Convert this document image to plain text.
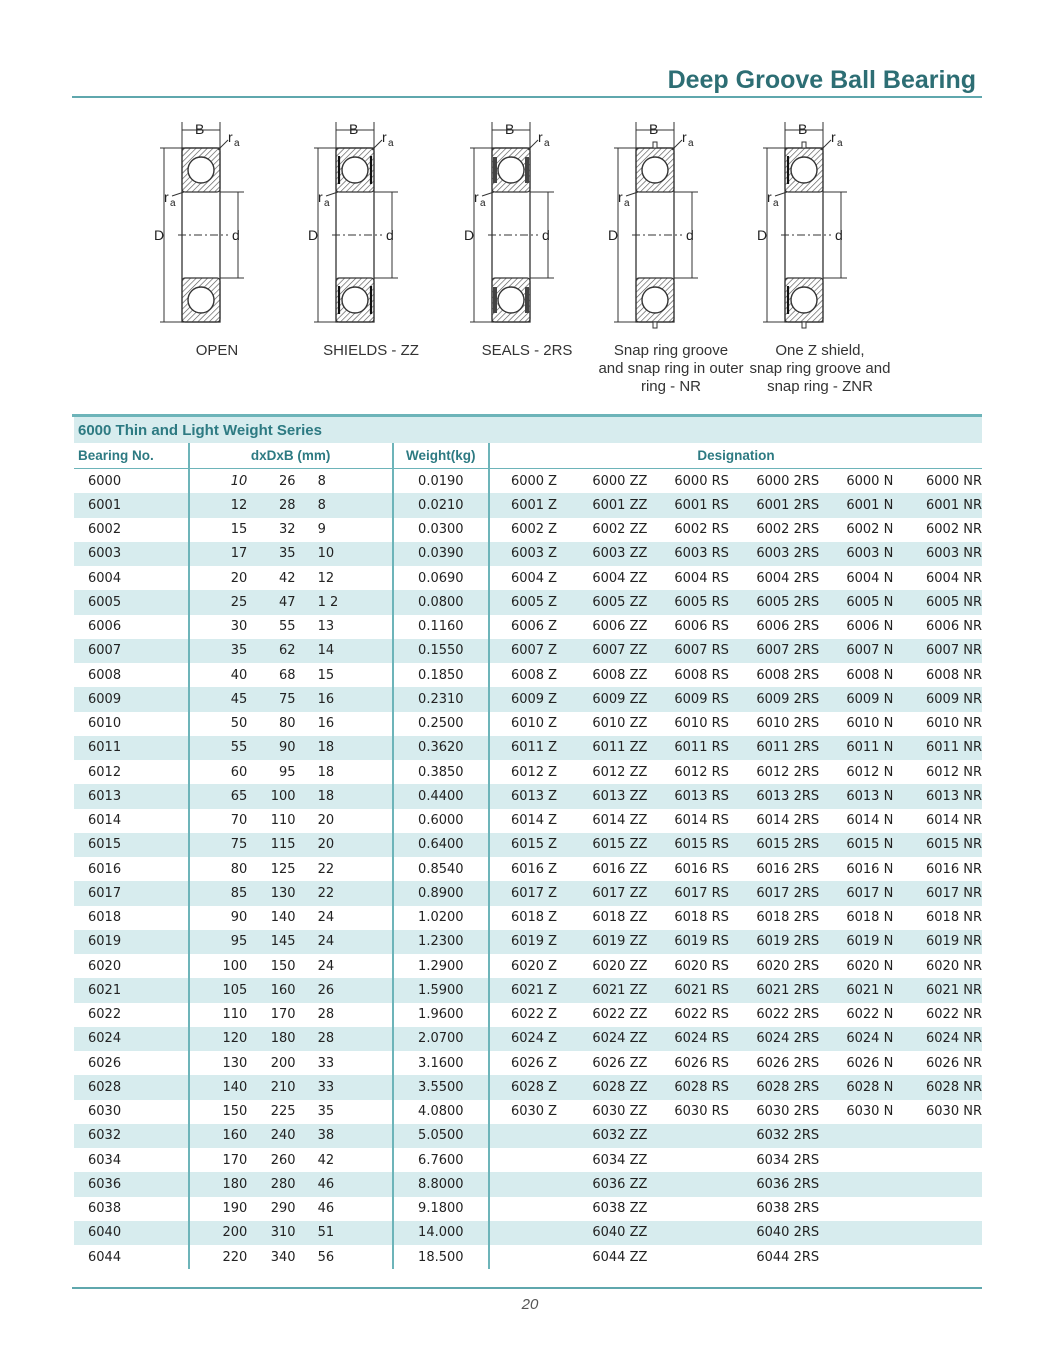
Deep Groove Ball Bearing
B r a
r a
D	d
OPEN
B r a
r a
D	d
SHIELDS - ZZ
B r a
r a
D	d
SEALS - 2RS
B r a
r a
D	d
Snap ring groove
and snap ring in outer
ring - NR
B r a
r a
D	d
One Z shield,
snap ring groove and
snap ring - ZNR
6000 Thin and Light Weight Series
Bearing No.	dxDxB (mm)			Weight(kg)	Designation					
6000	10	26	8	0.0190	6000 Z	6000 ZZ	6000 RS	6000 2RS	6000 N	6000 NR
6001	12	28	8	0.0210	6001 Z	6001 ZZ	6001 RS	6001 2RS	6001 N	6001 NR
6002	15	32	9	0.0300	6002 Z	6002 ZZ	6002 RS	6002 2RS	6002 N	6002 NR
6003	17	35	10	0.0390	6003 Z	6003 ZZ	6003 RS	6003 2RS	6003 N	6003 NR
6004	20	42	12	0.0690	6004 Z	6004 ZZ	6004 RS	6004 2RS	6004 N	6004 NR
6005	25	47	1 2	0.0800	6005 Z	6005 ZZ	6005 RS	6005 2RS	6005 N	6005 NR
6006	30	55	13	0.1160	6006 Z	6006 ZZ	6006 RS	6006 2RS	6006 N	6006 NR
6007	35	62	14	0.1550	6007 Z	6007 ZZ	6007 RS	6007 2RS	6007 N	6007 NR
6008	40	68	15	0.1850	6008 Z	6008 ZZ	6008 RS	6008 2RS	6008 N	6008 NR
6009	45	75	16	0.2310	6009 Z	6009 ZZ	6009 RS	6009 2RS	6009 N	6009 NR
6010	50	80	16	0.2500	6010 Z	6010 ZZ	6010 RS	6010 2RS	6010 N	6010 NR
6011	55	90	18	0.3620	6011 Z	6011 ZZ	6011 RS	6011 2RS	6011 N	6011 NR
6012	60	95	18	0.3850	6012 Z	6012 ZZ	6012 RS	6012 2RS	6012 N	6012 NR
6013	65	100	18	0.4400	6013 Z	6013 ZZ	6013 RS	6013 2RS	6013 N	6013 NR
6014	70	110	20	0.6000	6014 Z	6014 ZZ	6014 RS	6014 2RS	6014 N	6014 NR
6015	75	115	20	0.6400	6015 Z	6015 ZZ	6015 RS	6015 2RS	6015 N	6015 NR
6016	80	125	22	0.8540	6016 Z	6016 ZZ	6016 RS	6016 2RS	6016 N	6016 NR
6017	85	130	22	0.8900	6017 Z	6017 ZZ	6017 RS	6017 2RS	6017 N	6017 NR
6018	90	140	24	1.0200	6018 Z	6018 ZZ	6018 RS	6018 2RS	6018 N	6018 NR
6019	95	145	24	1.2300	6019 Z	6019 ZZ	6019 RS	6019 2RS	6019 N	6019 NR
6020	100	150	24	1.2900	6020 Z	6020 ZZ	6020 RS	6020 2RS	6020 N	6020 NR
6021	105	160	26	1.5900	6021 Z	6021 ZZ	6021 RS	6021 2RS	6021 N	6021 NR
6022	110	170	28	1.9600	6022 Z	6022 ZZ	6022 RS	6022 2RS	6022 N	6022 NR
6024	120	180	28	2.0700	6024 Z	6024 ZZ	6024 RS	6024 2RS	6024 N	6024 NR
6026	130	200	33	3.1600	6026 Z	6026 ZZ	6026 RS	6026 2RS	6026 N	6026 NR
6028	140	210	33	3.5500	6028 Z	6028 ZZ	6028 RS	6028 2RS	6028 N	6028 NR
6030	150	225	35	4.0800	6030 Z	6030 ZZ	6030 RS	6030 2RS	6030 N	6030 NR
6032	160	240	38	5.0500		6032 ZZ		6032 2RS		
6034	170	260	42	6.7600		6034 ZZ		6034 2RS		
6036	180	280	46	8.8000		6036 ZZ		6036 2RS		
6038	190	290	46	9.1800		6038 ZZ		6038 2RS		
6040	200	310	51	14.000		6040 ZZ		6040 2RS		
6044	220	340	56	18.500		6044 ZZ		6044 2RS		
20
